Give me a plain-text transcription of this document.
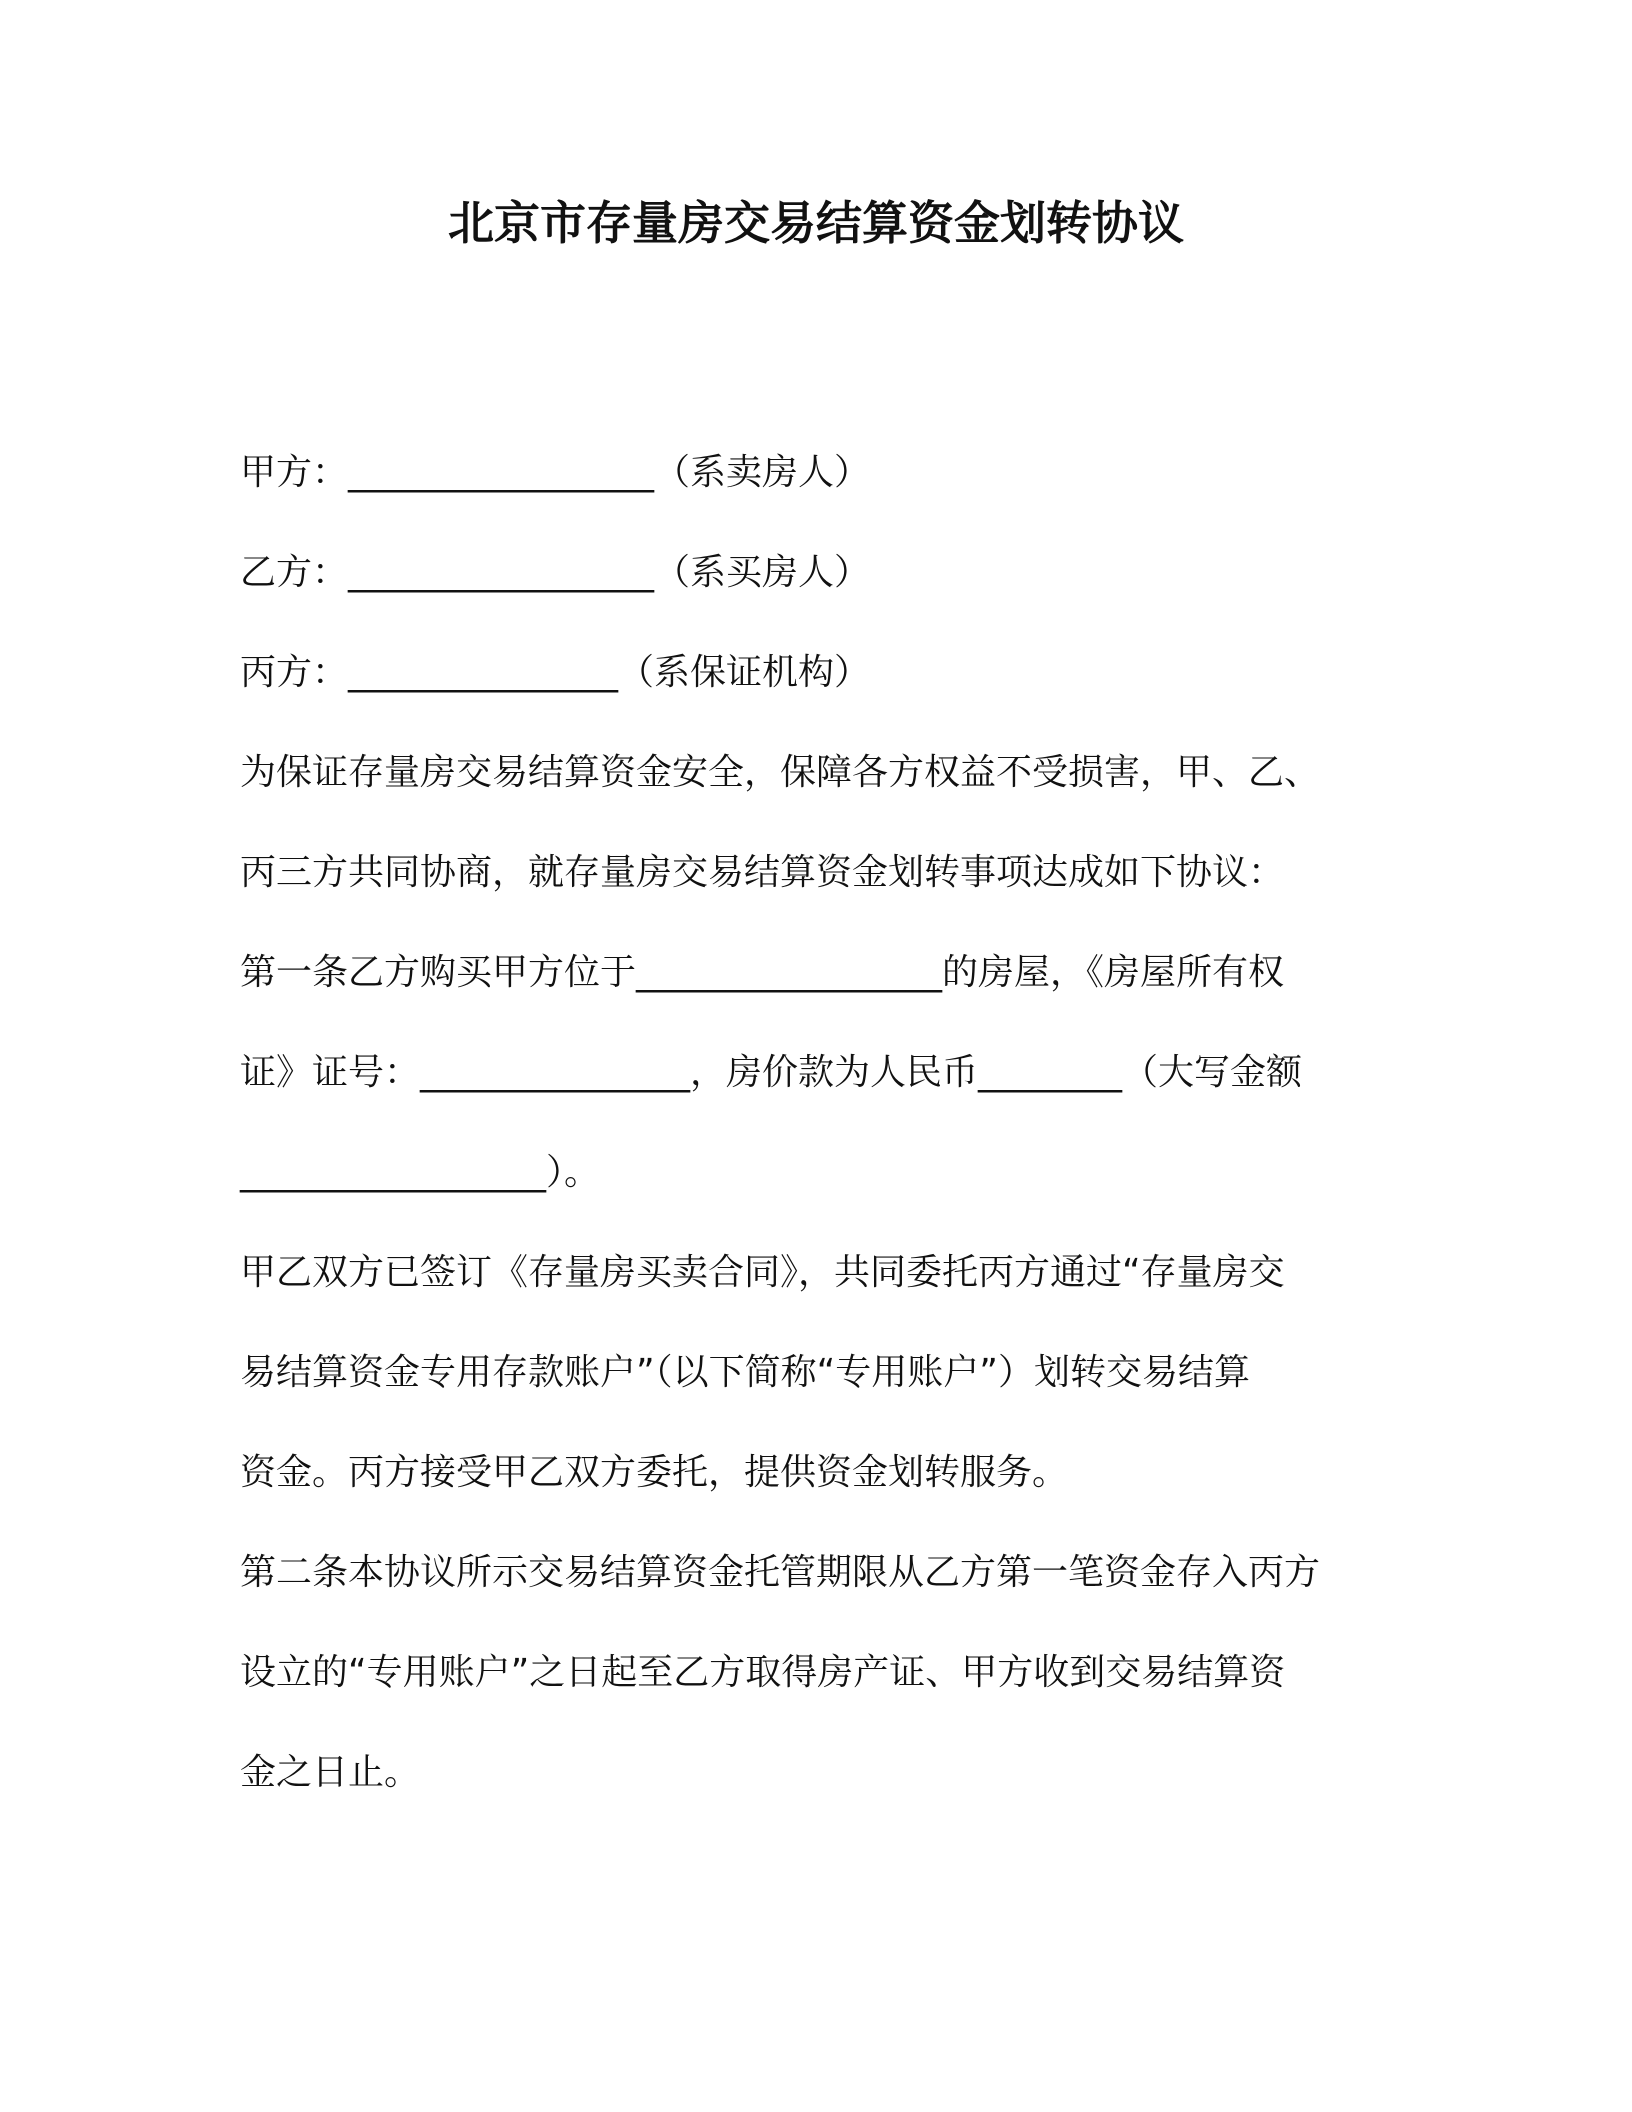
北京市存量房交易结算资金划转协议
甲方：_________________（系卖房人）
乙方：_________________（系买房人）
丙方：_______________（系保证机构）
为保证存量房交易结算资金安全，保障各方权益不受损害，甲、乙、
丙三方共同协商，就存量房交易结算资金划转事项达成如下协议：
第一条乙方购买甲方位于_________________的房屋，《房屋所有权
证》证号：_______________，房价款为人民币________（大写金额
_________________）。
甲乙双方已签订《存量房买卖合同》，共同委托丙方通过“存量房交
易结算资金专用存款账户”（以下简称“专用账户”）划转交易结算
资金。丙方接受甲乙双方委托，提供资金划转服务。
第二条本协议所示交易结算资金托管期限从乙方第一笔资金存入丙方
设立的“专用账户”之日起至乙方取得房产证、甲方收到交易结算资
金之日止。
